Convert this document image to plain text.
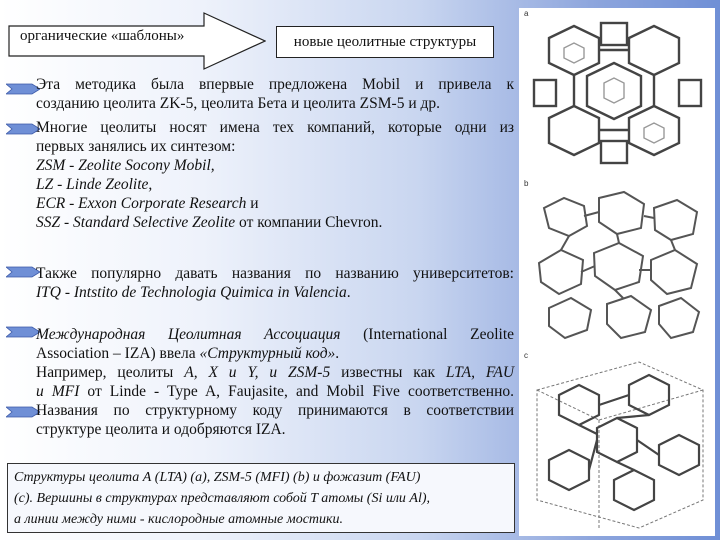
органические «шаблоны»	новые цеолитные структуры

Эта методика была впервые предложена Mobil и привела к

созданию цеолита ZK-5, цеолита Бета и цеолита ZSM-5 и др.

Многие цеолиты носят имена тех компаний, которые одни из

первых занялись их синтезом:

ZSM - Zeolite Socony Mobil,

LZ - Linde Zeolite,

ECR - Exxon Corporate Research и

SSZ - Standard Selective Zeolite от компании Chevron.

Также популярно давать названия по названию университетов:

ITQ - Intstito de Technologia Quimica in Valencia.

Международная Цеолитная Ассоциация (International Zeolite

Association – IZA) ввела «Структурный код».

Например, цеолиты A, X и Y, и ZSM-5 известны как LTA, FAU

и MFI от Linde - Type A, Faujasite, and Mobil Five соответственно.

Названия по структурному коду принимаются в соответствии

структуре цеолита и одобряются IZA.

Структуры цеолита А (LTA) (a), ZSM-5 (MFI) (b) и фожазит (FAU)

(c). Вершины в структурах представляют собой T атомы (Si или Al),

а линии между ними - кислородные атомные мостики.

a
b
c
